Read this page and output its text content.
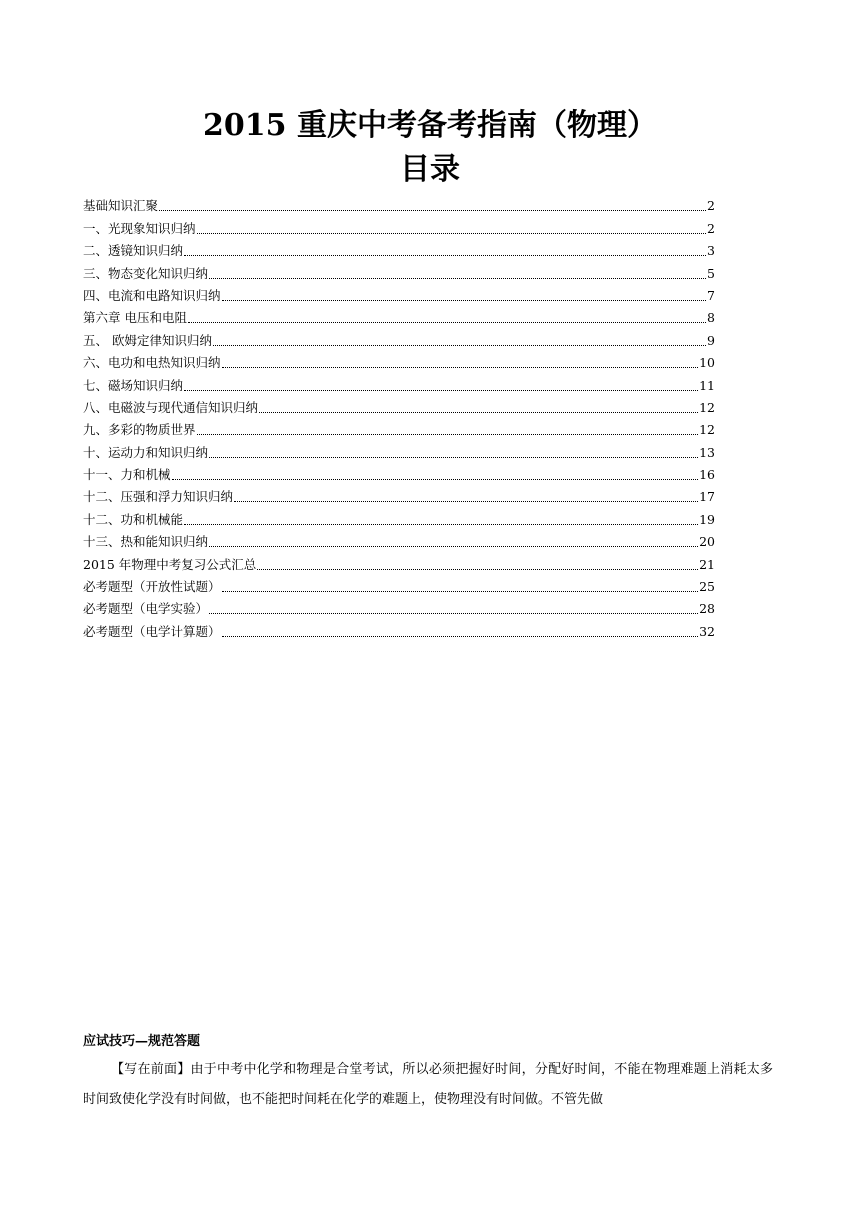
2015 重庆中考备考指南（物理）
目录
基础知识汇聚	2
一、光现象知识归纳	2
二、透镜知识归纳	3
三、物态变化知识归纳	5
四、电流和电路知识归纳	7
第六章 电压和电阻	8
五、 欧姆定律知识归纳	9
六、电功和电热知识归纳	10
七、磁场知识归纳	11
八、电磁波与现代通信知识归纳	12
九、多彩的物质世界	12
十、运动力和知识归纳	13
十一、力和机械	16
十二、压强和浮力知识归纳	17
十二、功和机械能	19
十三、热和能知识归纳	20
2015 年物理中考复习公式汇总	21
必考题型（开放性试题）	25
必考题型（电学实验）	28
必考题型（电学计算题）	32
应试技巧—规范答题
【写在前面】由于中考中化学和物理是合堂考试，所以必须把握好时间，分配好时间，不能在物理难题上消耗太多时间致使化学没有时间做，也不能把时间耗在化学的难题上，使物理没有时间做。不管先做
